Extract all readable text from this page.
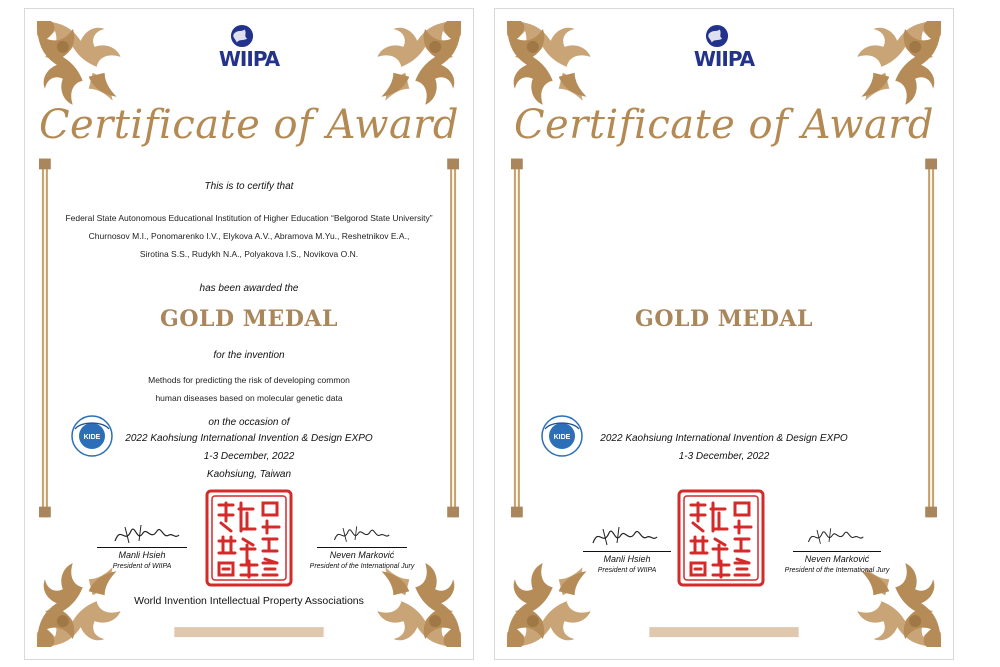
WIIPA
Certificate of Award
This is to certify that
Federal State Autonomous Educational Institution of Higher Education “Belgorod State University”
Churnosov M.I., Ponomarenko I.V., Elykova A.V., Abramova M.Yu., Reshetnikov E.A.,
Sirotina S.S., Rudykh N.A., Polyakova I.S., Novikova O.N.
has been awarded the
GOLD MEDAL
for the invention
Methods for predicting the risk of developing common
human diseases based on molecular genetic data
on the occasion of
2022 Kaohsiung International Invention & Design EXPO
1-3 December, 2022
Kaohsiung, Taiwan
KIDE
Manli Hsieh
President of WIIPA
Neven Marković
President of the International Jury
World Invention Intellectual Property Associations
WIIPA
Certificate of Award
GOLD MEDAL
2022 Kaohsiung International Invention & Design EXPO
1-3 December, 2022
KIDE
Manli Hsieh
President of WIIPA
Neven Marković
President of the International Jury
